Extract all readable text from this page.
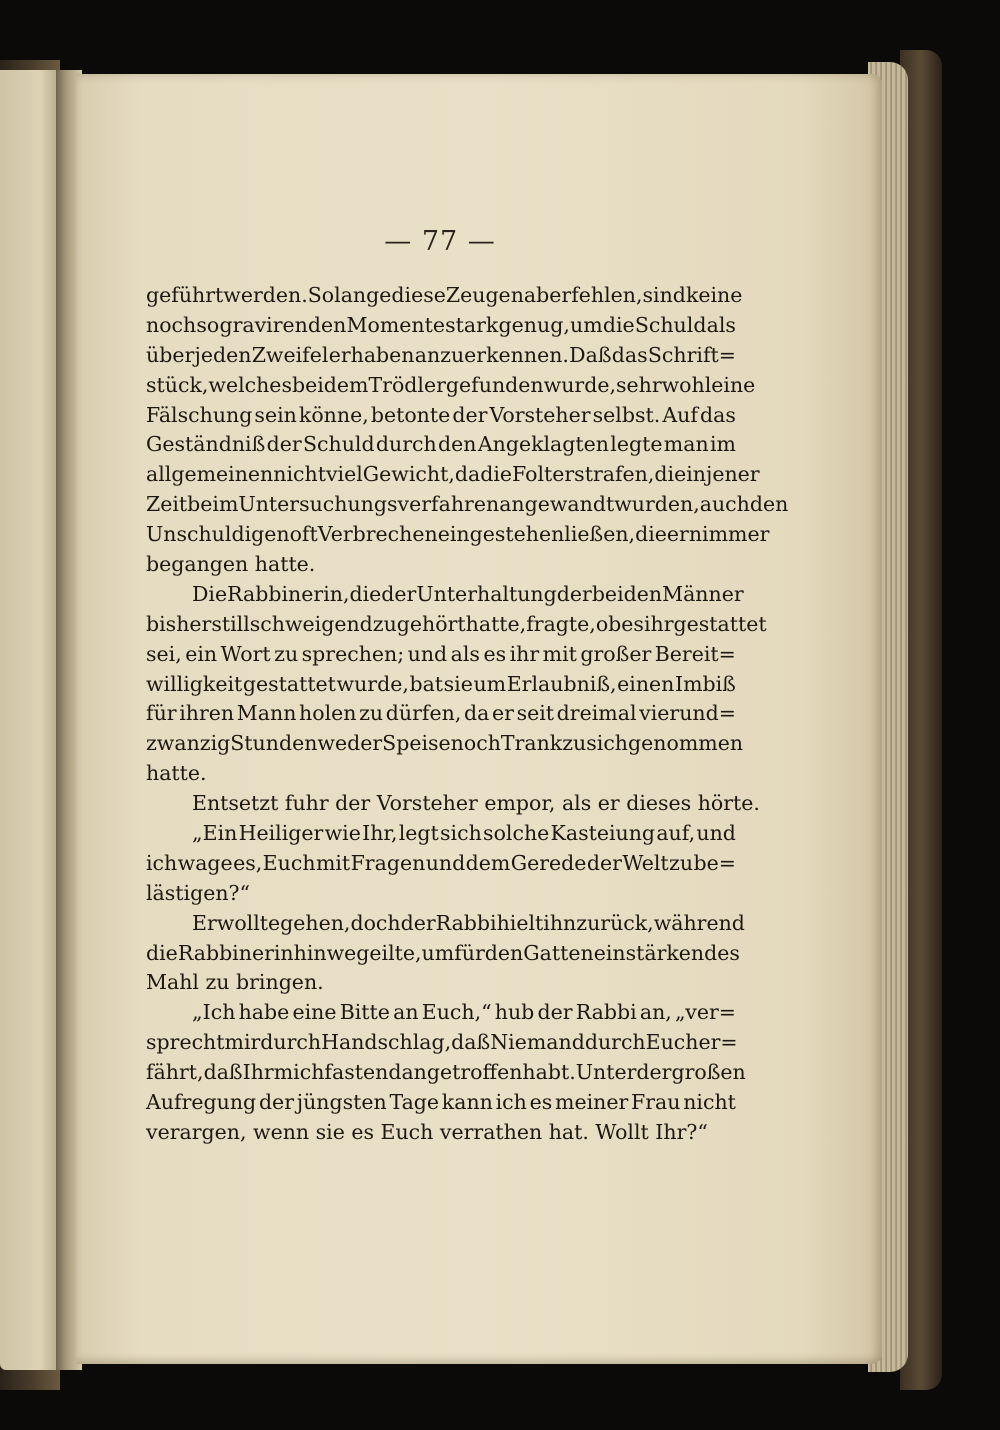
— 77 —
geführt werden. So lange diese Zeugen aber fehlen, sind keine
noch so gravirenden Momente stark genug, um die Schuld als
über jeden Zweifel erhaben anzuerkennen. Daß das Schrift=
stück, welches bei dem Trödler gefunden wurde, sehr wohl eine
Fälschung sein könne, betonte der Vorsteher selbst. Auf das
Geständniß der Schuld durch den Angeklagten legte man im
allgemeinen nicht viel Gewicht, da die Folterstrafen, die in jener
Zeit beim Untersuchungsverfahren angewandt wurden, auch den
Unschuldigen oft Verbrechen eingestehen ließen, die er nimmer
begangen hatte.
Die Rabbinerin, die der Unterhaltung der beiden Männer
bisher stillschweigend zugehört hatte, fragte, ob es ihr gestattet
sei, ein Wort zu sprechen; und als es ihr mit großer Bereit=
willigkeit gestattet wurde, bat sie um Erlaubniß, einen Imbiß
für ihren Mann holen zu dürfen, da er seit dreimal vierund=
zwanzig Stunden weder Speise noch Trank zu sich genommen
hatte.
Entsetzt fuhr der Vorsteher empor, als er dieses hörte.
„Ein Heiliger wie Ihr, legt sich solche Kasteiung auf, und
ich wage es, Euch mit Fragen und dem Gerede der Welt zu be=
lästigen?“
Er wollte gehen, doch der Rabbi hielt ihn zurück, während
die Rabbinerin hinweg eilte, um für den Gatten ein stärkendes
Mahl zu bringen.
„Ich habe eine Bitte an Euch,“ hub der Rabbi an, „ver=
sprecht mir durch Handschlag, daß Niemand durch Euch er=
fährt, daß Ihr mich fastend angetroffen habt. Unter der großen
Aufregung der jüngsten Tage kann ich es meiner Frau nicht
verargen, wenn sie es Euch verrathen hat. Wollt Ihr?“
